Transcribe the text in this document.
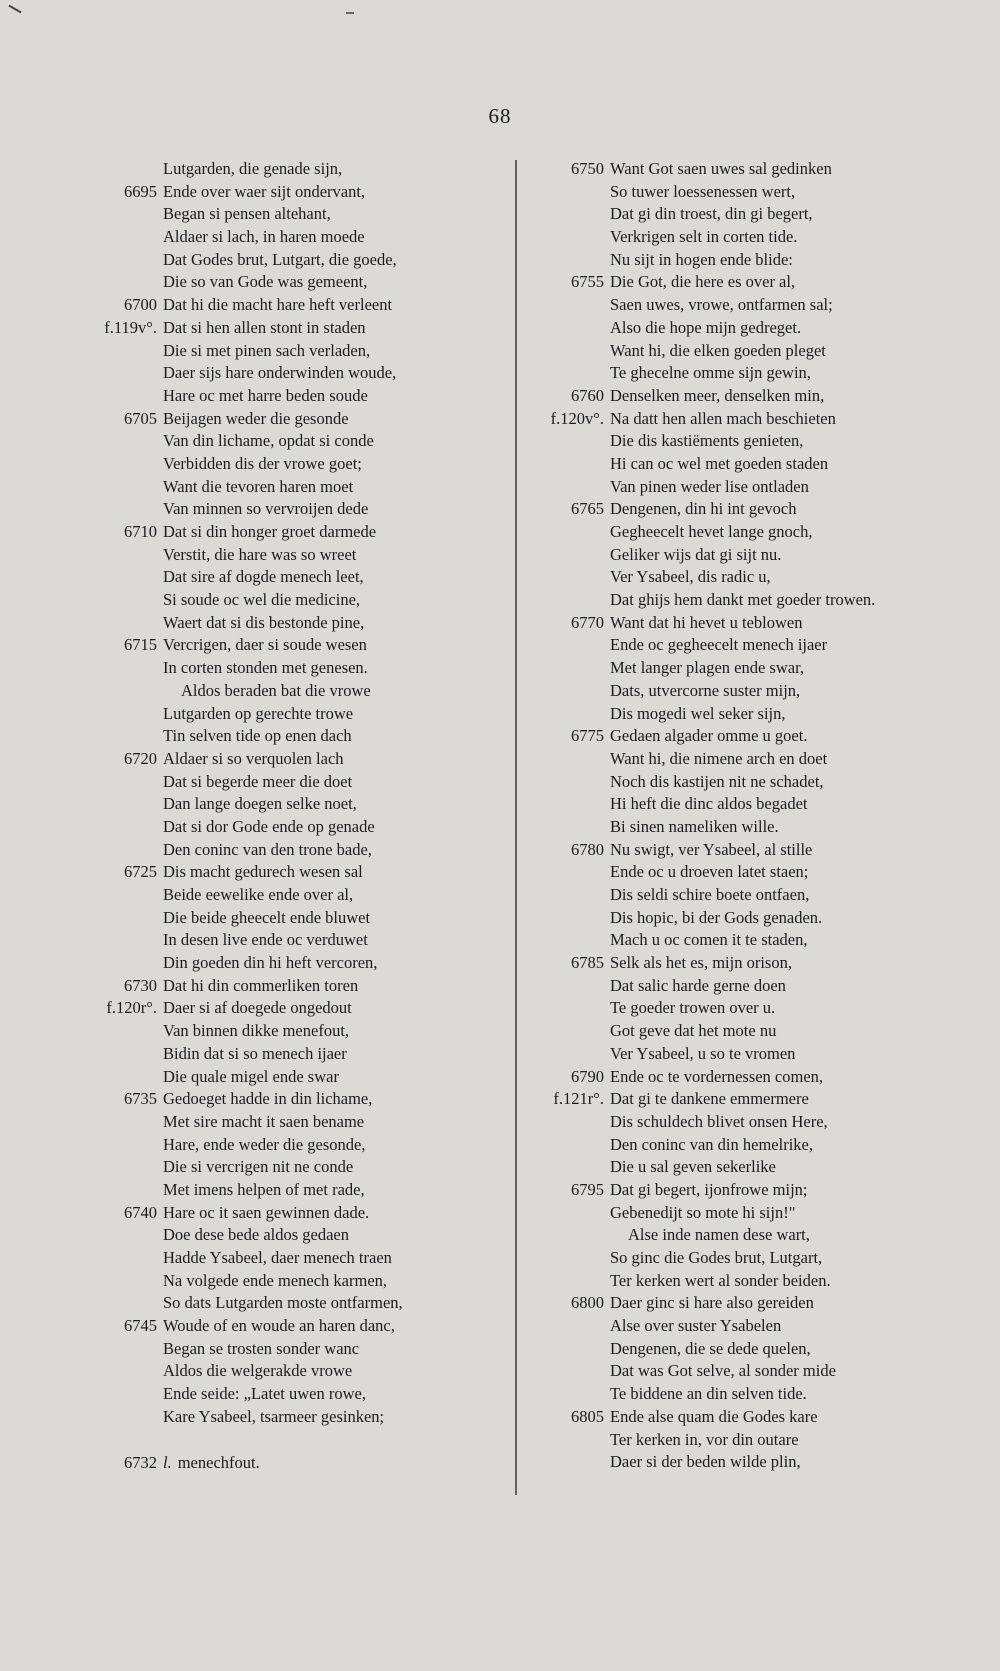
68
Lutgarden, die genade sijn,
6695 Ende over waer sijt ondervant,
Began si pensen altehant,
Aldaer si lach, in haren moede
Dat Godes brut, Lutgart, die goede,
Die so van Gode was gemeent,
6700 Dat hi die macht hare heft verleent
f.119v°. Dat si hen allen stont in staden
Die si met pinen sach verladen,
Daer sijs hare onderwinden woude,
Hare oc met harre beden soude
6705 Beijagen weder die gesonde
Van din lichame, opdat si conde
Verbidden dis der vrowe goet;
Want die tevoren haren moet
Van minnen so vervroijen dede
6710 Dat si din honger groet darmede
Verstit, die hare was so wreet
Dat sire af dogde menech leet,
Si soude oc wel die medicine,
Waert dat si dis bestonde pine,
6715 Vercrigen, daer si soude wesen
In corten stonden met genesen.
Aldos beraden bat die vrowe
Lutgarden op gerechte trowe
Tin selven tide op enen dach
6720 Aldaer si so verquolen lach
Dat si begerde meer die doet
Dan lange doegen selke noet,
Dat si dor Gode ende op genade
Den coninc van den trone bade,
6725 Dis macht gedurech wesen sal
Beide eewelike ende over al,
Die beide gheecelt ende bluwet
In desen live ende oc verduwet
Din goeden din hi heft vercoren,
6730 Dat hi din commerliken toren
f.120r°. Daer si af doegede ongedout
Van binnen dikke menefout,
Bidin dat si so menech ijaer
Die quale migel ende swar
6735 Gedoeget hadde in din lichame,
Met sire macht it saen bename
Hare, ende weder die gesonde,
Die si vercrigen nit ne conde
Met imens helpen of met rade,
6740 Hare oc it saen gewinnen dade.
Doe dese bede aldos gedaen
Hadde Ysabeel, daer menech traen
Na volgede ende menech karmen,
So dats Lutgarden moste ontfarmen,
6745 Woude of en woude an haren danc,
Began se trosten sonder wanc
Aldos die welgerakde vrowe
Ende seide: „Latet uwen rowe,
Kare Ysabeel, tsarmeer gesinken;
6750 Want Got saen uwes sal gedinken
So tuwer loessenessen wert,
Dat gi din troest, din gi begert,
Verkrigen selt in corten tide.
Nu sijt in hogen ende blide:
6755 Die Got, die here es over al,
Saen uwes, vrowe, ontfarmen sal;
Also die hope mijn gedreget.
Want hi, die elken goeden pleget
Te ghecelne omme sijn gewin,
6760 Denselken meer, denselken min,
f.120v°. Na datt hen allen mach beschieten
Die dis kastiëments genieten,
Hi can oc wel met goeden staden
Van pinen weder lise ontladen
6765 Dengenen, din hi int gevoch
Gegheecelt hevet lange gnoch,
Geliker wijs dat gi sijt nu.
Ver Ysabeel, dis radic u,
Dat ghijs hem dankt met goeder trowen.
6770 Want dat hi hevet u teblowen
Ende oc gegheecelt menech ijaer
Met langer plagen ende swar,
Dats, utvercorne suster mijn,
Dis mogedi wel seker sijn,
6775 Gedaen algader omme u goet.
Want hi, die nimene arch en doet
Noch dis kastijen nit ne schadet,
Hi heft die dinc aldos begadet
Bi sinen nameliken wille.
6780 Nu swigt, ver Ysabeel, al stille
Ende oc u droeven latet staen;
Dis seldi schire boete ontfaen,
Dis hopic, bi der Gods genaden.
Mach u oc comen it te staden,
6785 Selk als het es, mijn orison,
Dat salic harde gerne doen
Te goeder trowen over u.
Got geve dat het mote nu
Ver Ysabeel, u so te vromen
6790 Ende oc te vordernessen comen,
f.121r°. Dat gi te dankene emmermere
Dis schuldech blivet onsen Here,
Den coninc van din hemelrike,
Die u sal geven sekerlike
6795 Dat gi begert, ijonfrowe mijn;
Gebenedijt so mote hi sijn!"
Alse inde namen dese wart,
So ginc die Godes brut, Lutgart,
Ter kerken wert al sonder beiden.
6800 Daer ginc si hare also gereiden
Alse over suster Ysabelen
Dengenen, die se dede quelen,
Dat was Got selve, al sonder mide
Te biddene an din selven tide.
6805 Ende alse quam die Godes kare
Ter kerken in, vor din outare
Daer si der beden wilde plin,
6732 l. menechfout.
